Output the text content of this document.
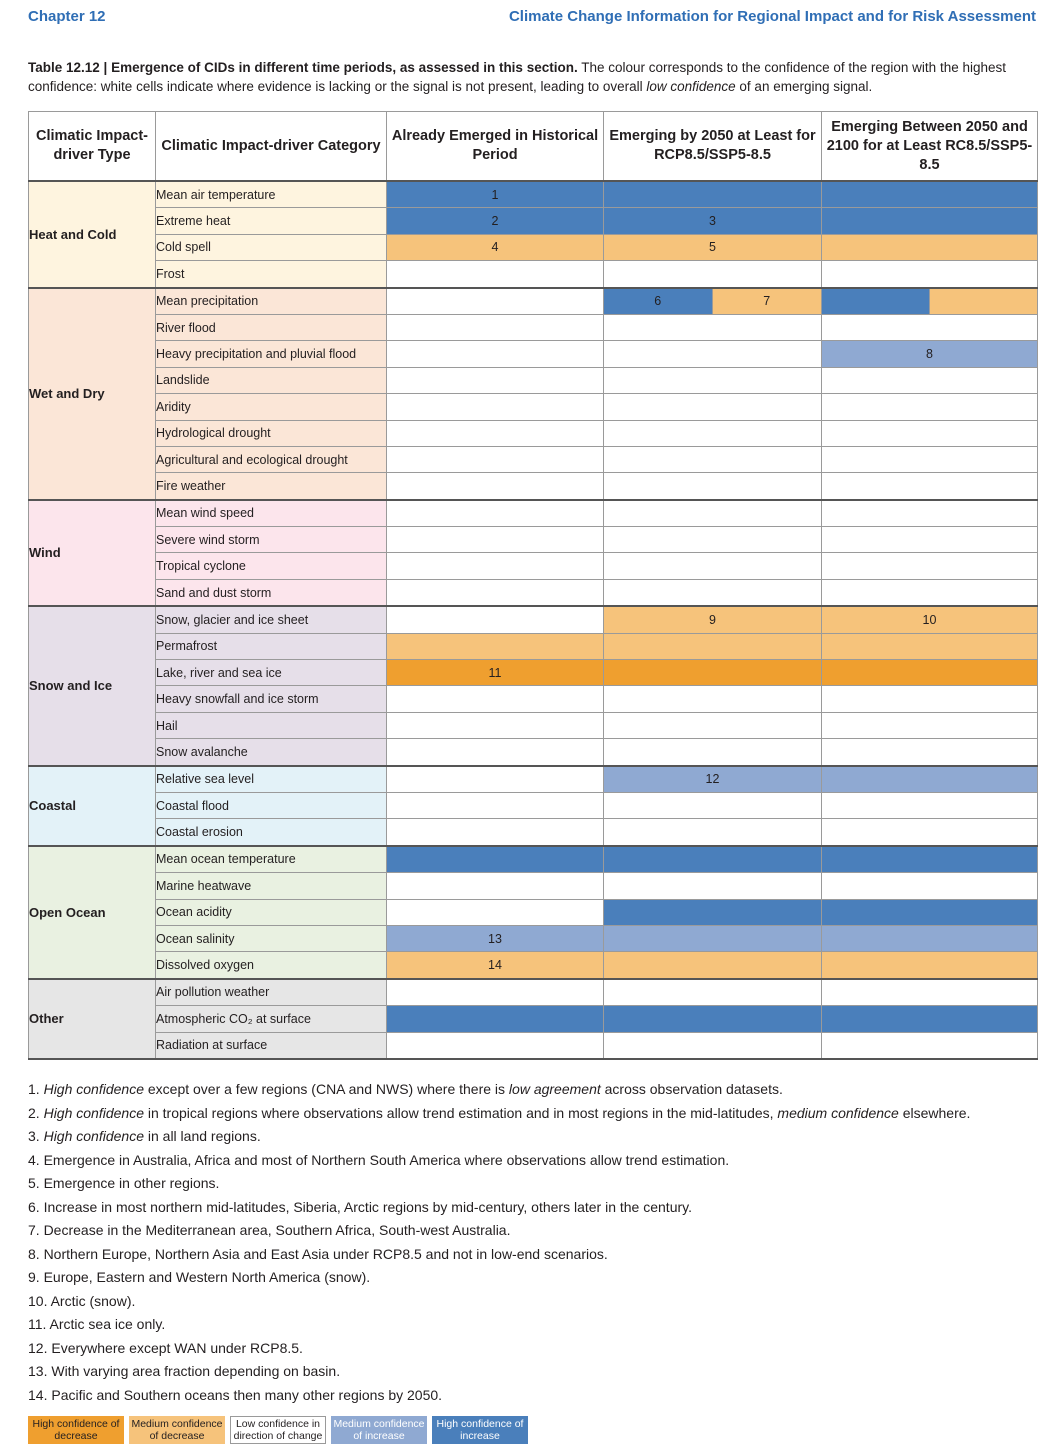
Chapter 12	Climate Change Information for Regional Impact and for Risk Assessment
Table 12.12 | Emergence of CIDs in different time periods, as assessed in this section. The colour corresponds to the confidence of the region with the highest confidence: white cells indicate where evidence is lacking or the signal is not present, leading to overall low confidence of an emerging signal.
Climatic Impact-driver Type	Climatic Impact-driver Category	Already Emerged in Historical Period	Emerging by 2050 at Least for RCP8.5/SSP5-8.5	Emerging Between 2050 and 2100 for at Least RC8.5/SSP5-8.5
Heat and Cold	Mean air temperature	1		
	Extreme heat	2	3	
	Cold spell	4	5	
	Frost			
Wet and Dry	Mean precipitation		6 7	

	River flood			
	Heavy precipitation and pluvial flood			8
	Landslide			
	Aridity			
	Hydrological drought			
	Agricultural and ecological drought			
	Fire weather			
Wind	Mean wind speed			
	Severe wind storm			
	Tropical cyclone			
	Sand and dust storm			
Snow and Ice	Snow, glacier and ice sheet		9	10
	Permafrost			
	Lake, river and sea ice	11		
	Heavy snowfall and ice storm			
	Hail			
	Snow avalanche			
Coastal	Relative sea level		12	
	Coastal flood			
	Coastal erosion			
Open Ocean	Mean ocean temperature			
	Marine heatwave			
	Ocean acidity			
	Ocean salinity	13		
	Dissolved oxygen	14		
Other	Air pollution weather			
	Atmospheric CO₂ at surface			
	Radiation at surface			
1. High confidence except over a few regions (CNA and NWS) where there is low agreement across observation datasets.
2. High confidence in tropical regions where observations allow trend estimation and in most regions in the mid-latitudes, medium confidence elsewhere.
3. High confidence in all land regions.
4. Emergence in Australia, Africa and most of Northern South America where observations allow trend estimation.
5. Emergence in other regions.
6. Increase in most northern mid-latitudes, Siberia, Arctic regions by mid-century, others later in the century.
7. Decrease in the Mediterranean area, Southern Africa, South-west Australia.
8. Northern Europe, Northern Asia and East Asia under RCP8.5 and not in low-end scenarios.
9. Europe, Eastern and Western North America (snow).
10. Arctic (snow).
11. Arctic sea ice only.
12. Everywhere except WAN under RCP8.5.
13. With varying area fraction depending on basin.
14. Pacific and Southern oceans then many other regions by 2050.
High confidence of decrease
Medium confidence of decrease
Low confidence in direction of change
Medium confidence of increase
High confidence of increase
